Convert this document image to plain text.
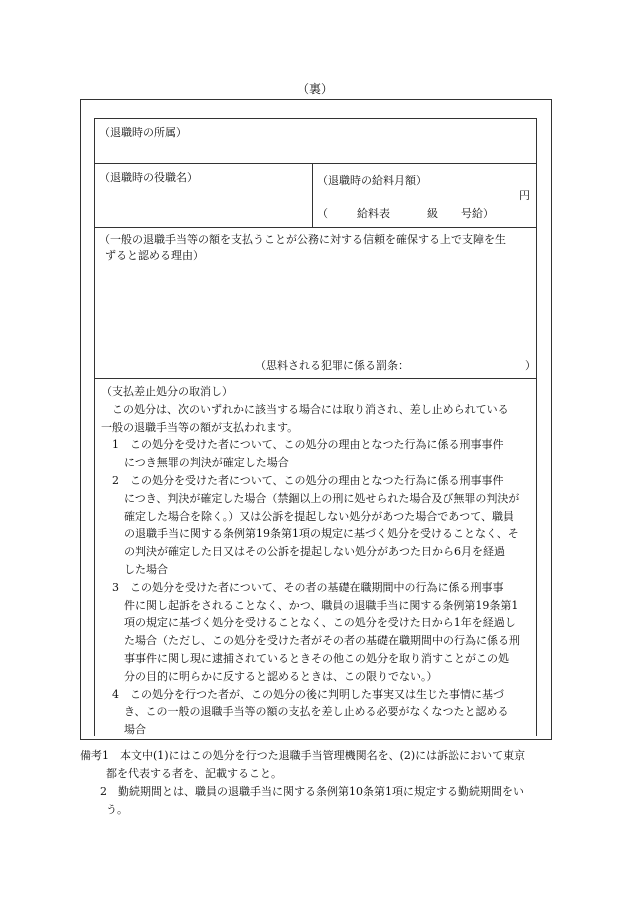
（裏）
（退職時の所属）
（退職時の役職名）	（退職時の給料月額）
円
（	給料表	級 号給）
（一般の退職手当等の額を支払うことが公務に対する信頼を確保する上で支障を生
ずると認める理由）
（思料される犯罪に係る罰条：	）

（支払差止処分の取消し）

この処分は、次のいずれかに該当する場合には取り消され、差し止められている

一般の退職手当等の額が支払われます。

1　この処分を受けた者について、この処分の理由となつた行為に係る刑事事件

につき無罪の判決が確定した場合

2　この処分を受けた者について、この処分の理由となつた行為に係る刑事事件

につき、判決が確定した場合（禁錮以上の刑に処せられた場合及び無罪の判決が

確定した場合を除く。）又は公訴を提起しない処分があつた場合であつて、職員

の退職手当に関する条例第19条第1項の規定に基づく処分を受けることなく、そ

の判決が確定した日又はその公訴を提起しない処分があつた日から6月を経過

した場合

3　この処分を受けた者について、その者の基礎在職期間中の行為に係る刑事事

件に関し起訴をされることなく、かつ、職員の退職手当に関する条例第19条第1

項の規定に基づく処分を受けることなく、この処分を受けた日から1年を経過し

た場合（ただし、この処分を受けた者がその者の基礎在職期間中の行為に係る刑

事事件に関し現に逮捕されているときその他この処分を取り消すことがこの処

分の目的に明らかに反すると認めるときは、この限りでない。）

4　この処分を行つた者が、この処分の後に判明した事実又は生じた事情に基づ

き、この一般の退職手当等の額の支払を差し止める必要がなくなつたと認める

場合

備考1　本文中(1)にはこの処分を行つた退職手当管理機関名を、(2)には訴訟において東京

都を代表する者を、記載すること。

2　勤続期間とは、職員の退職手当に関する条例第10条第1項に規定する勤続期間をい

う。
